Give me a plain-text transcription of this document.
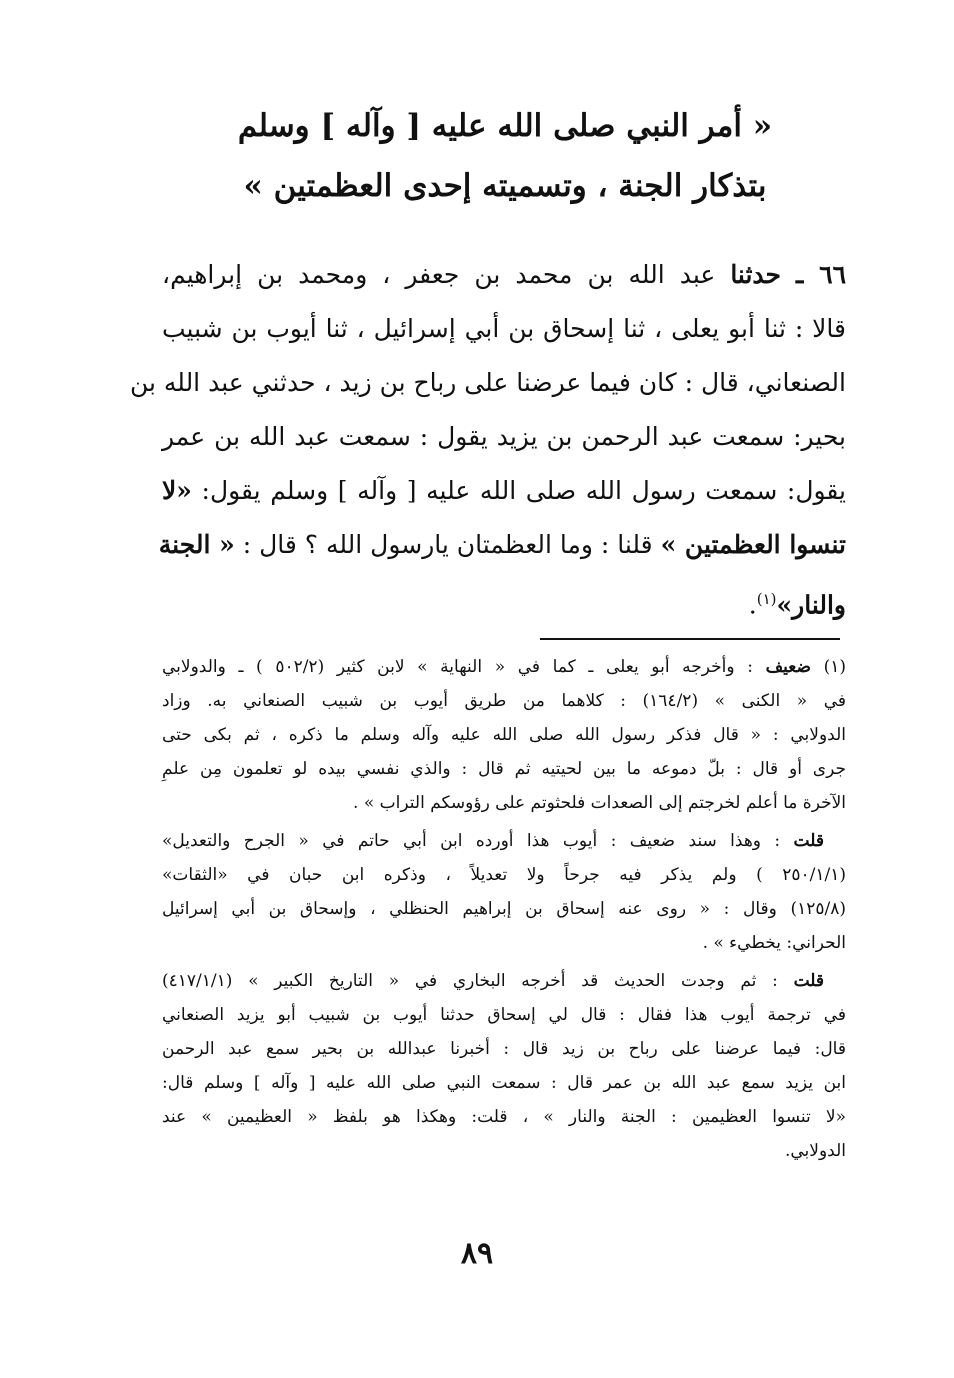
« أمر النبي صلى الله عليه [ وآله ] وسلم
بتذكار الجنة ، وتسميته إحدى العظمتين »
٦٦ ـ حدثنا عبد الله بن محمد بن جعفر ، ومحمد بن إبراهيم،
قالا : ثنا أبو يعلى ، ثنا إسحاق بن أبي إسرائيل ، ثنا أيوب بن شبيب
الصنعاني، قال : كان فيما عرضنا على رباح بن زيد ، حدثني عبد الله بن
بحير: سمعت عبد الرحمن بن يزيد يقول : سمعت عبد الله بن عمر
يقول: سمعت رسول الله صلى الله عليه [ وآله ] وسلم يقول: «لا
تنسوا العظمتين » قلنا : وما العظمتان يارسول الله ؟ قال : « الجنة
والنار»$^{(١)}$.
(١) ضعيف : وأخرجه أبو يعلى ـ كما في « النهاية » لابن كثير (٥٠٢/٢ ) ـ والدولابي
في « الكنى » (١٦٤/٢) : كلاهما من طريق أيوب بن شبيب الصنعاني به. وزاد
الدولابي : « قال فذكر رسول الله صلى الله عليه وآله وسلم ما ذكره ، ثم بكى حتى
جرى أو قال : بلّ دموعه ما بين لحيتيه ثم قال : والذي نفسي بيده لو تعلمون مِن علمِ
الآخرة ما أعلم لخرجتم إلى الصعدات فلحثوتم على رؤوسكم التراب » .
قلت : وهذا سند ضعيف : أيوب هذا أورده ابن أبي حاتم في « الجرح والتعديل»
(٢٥٠/١/١ ) ولم يذكر فيه جرحاً ولا تعديلاً ، وذكره ابن حبان في «الثقات»
(١٢٥/٨) وقال : « روى عنه إسحاق بن إبراهيم الحنظلي ، وإسحاق بن أبي إسرائيل
الحراني: يخطيء » .
قلت : ثم وجدت الحديث قد أخرجه البخاري في « التاريخ الكبير » (٤١٧/١/١)
في ترجمة أيوب هذا فقال : قال لي إسحاق حدثنا أيوب بن شبيب أبو يزيد الصنعاني
قال: فيما عرضنا على رباح بن زيد قال : أخبرنا عبدالله بن بحير سمع عبد الرحمن
ابن يزيد سمع عبد الله بن عمر قال : سمعت النبي صلى الله عليه [ وآله ] وسلم قال:
«لا تنسوا العظيمين : الجنة والنار » ، قلت: وهكذا هو بلفظ « العظيمين » عند
الدولابي.
٨٩
